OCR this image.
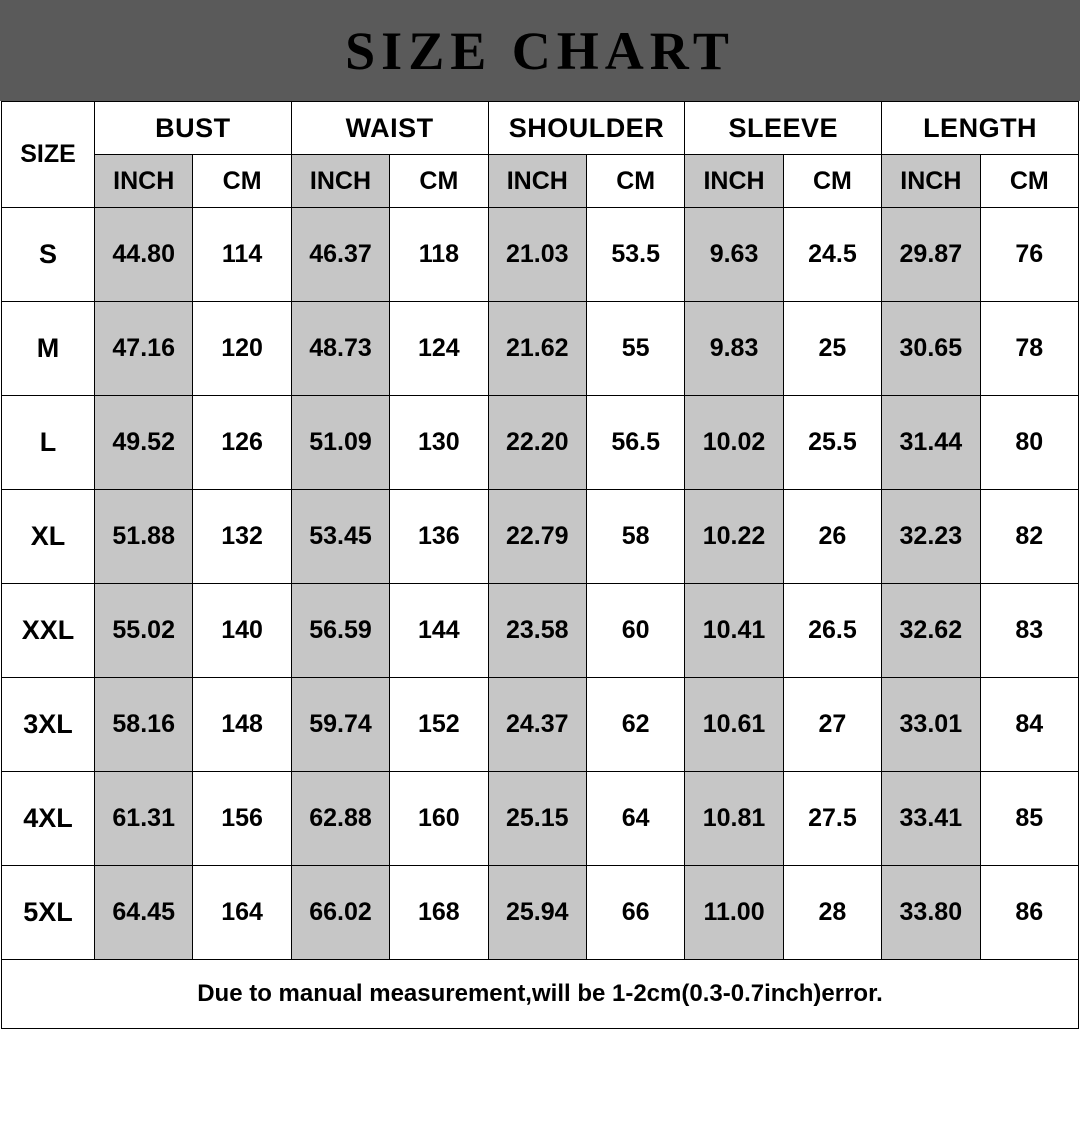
SIZE CHART
SIZE	BUST		WAIST		SHOULDER		SLEEVE		LENGTH	
	INCH	CM	INCH	CM	INCH	CM	INCH	CM	INCH	CM
S	44.80	114	46.37	118	21.03	53.5	9.63	24.5	29.87	76
M	47.16	120	48.73	124	21.62	55	9.83	25	30.65	78
L	49.52	126	51.09	130	22.20	56.5	10.02	25.5	31.44	80
XL	51.88	132	53.45	136	22.79	58	10.22	26	32.23	82
XXL	55.02	140	56.59	144	23.58	60	10.41	26.5	32.62	83
3XL	58.16	148	59.74	152	24.37	62	10.61	27	33.01	84
4XL	61.31	156	62.88	160	25.15	64	10.81	27.5	33.41	85
5XL	64.45	164	66.02	168	25.94	66	11.00	28	33.80	86
Due to manual measurement,will be 1-2cm(0.3-0.7inch)error.										
